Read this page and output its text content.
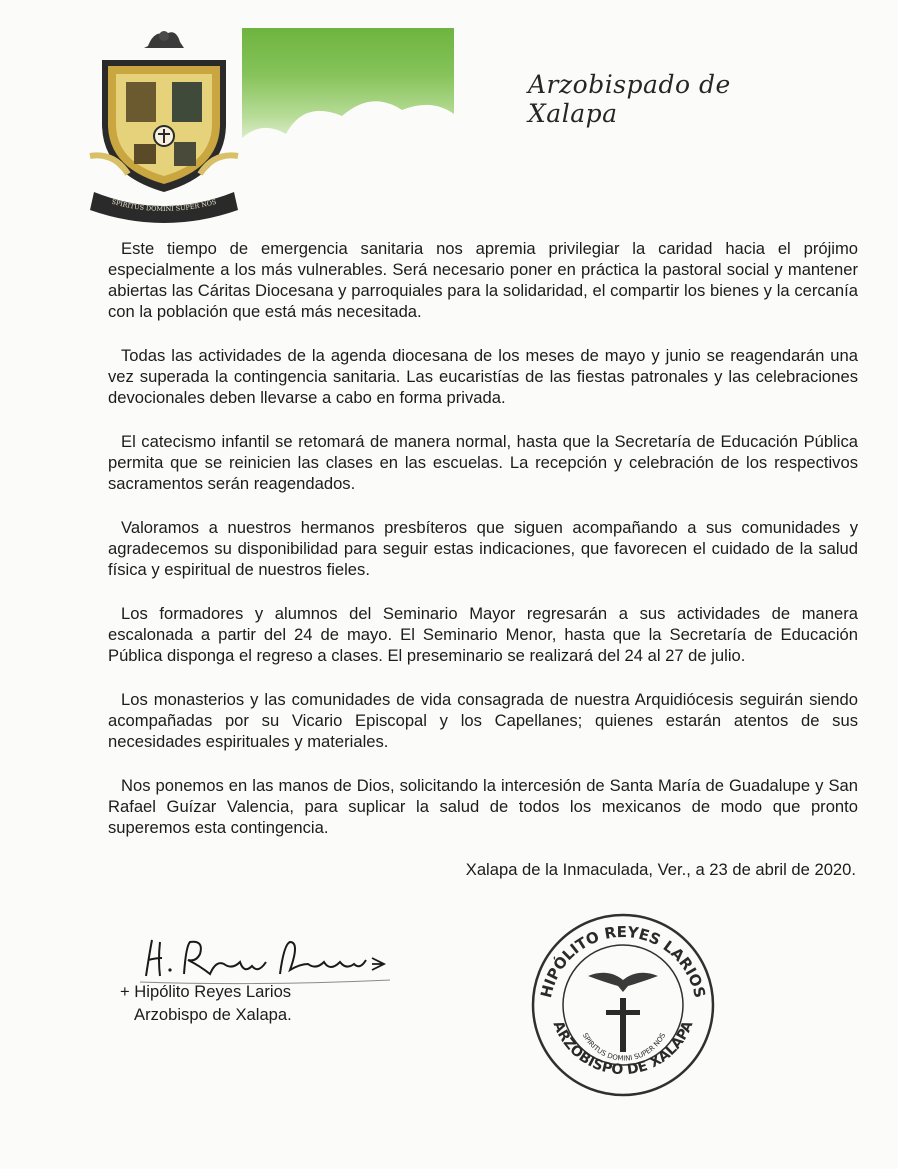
SPIRITUS DOMINI SUPER NOS
Arzobispado de Xalapa

Este tiempo de emergencia sanitaria nos apremia privilegiar la caridad hacia el prójimo especialmente a los más vulnerables. Será necesario poner en práctica la pastoral social y mantener abiertas las Cáritas Diocesana y parroquiales para la solidaridad, el compartir los bienes y la cercanía con la población que está más necesitada.

Todas las actividades de la agenda diocesana de los meses de mayo y junio se reagendarán una vez superada la contingencia sanitaria. Las eucaristías de las fiestas patronales y las celebraciones devocionales deben llevarse a cabo en forma privada.

El catecismo infantil se retomará de manera normal, hasta que la Secretaría de Educación Pública permita que se reinicien las clases en las escuelas. La recepción y celebración de los respectivos sacramentos serán reagendados.

Valoramos a nuestros hermanos presbíteros que siguen acompañando a sus comunidades y agradecemos su disponibilidad para seguir estas indicaciones, que favorecen el cuidado de la salud física y espiritual de nuestros fieles.

Los formadores y alumnos del Seminario Mayor regresarán a sus actividades de manera escalonada a partir del 24 de mayo. El Seminario Menor, hasta que la Secretaría de Educación Pública disponga el regreso a clases. El preseminario se realizará del 24 al 27 de julio.

Los monasterios y las comunidades de vida consagrada de nuestra Arquidiócesis seguirán siendo acompañadas por su Vicario Episcopal y los Capellanes; quienes estarán atentos de sus necesidades espirituales y materiales.

Nos ponemos en las manos de Dios, solicitando la intercesión de Santa María de Guadalupe y San Rafael Guízar Valencia, para suplicar la salud de todos los mexicanos de modo que pronto superemos esta contingencia.

Xalapa de la Inmaculada, Ver., a 23 de abril de 2020.
+ Hipólito Reyes Larios
Arzobispo de Xalapa.
HIPÓLITO REYES LARIOS
ARZOBISPO DE XALAPA
SPIRITUS DOMINI SUPER NOS
